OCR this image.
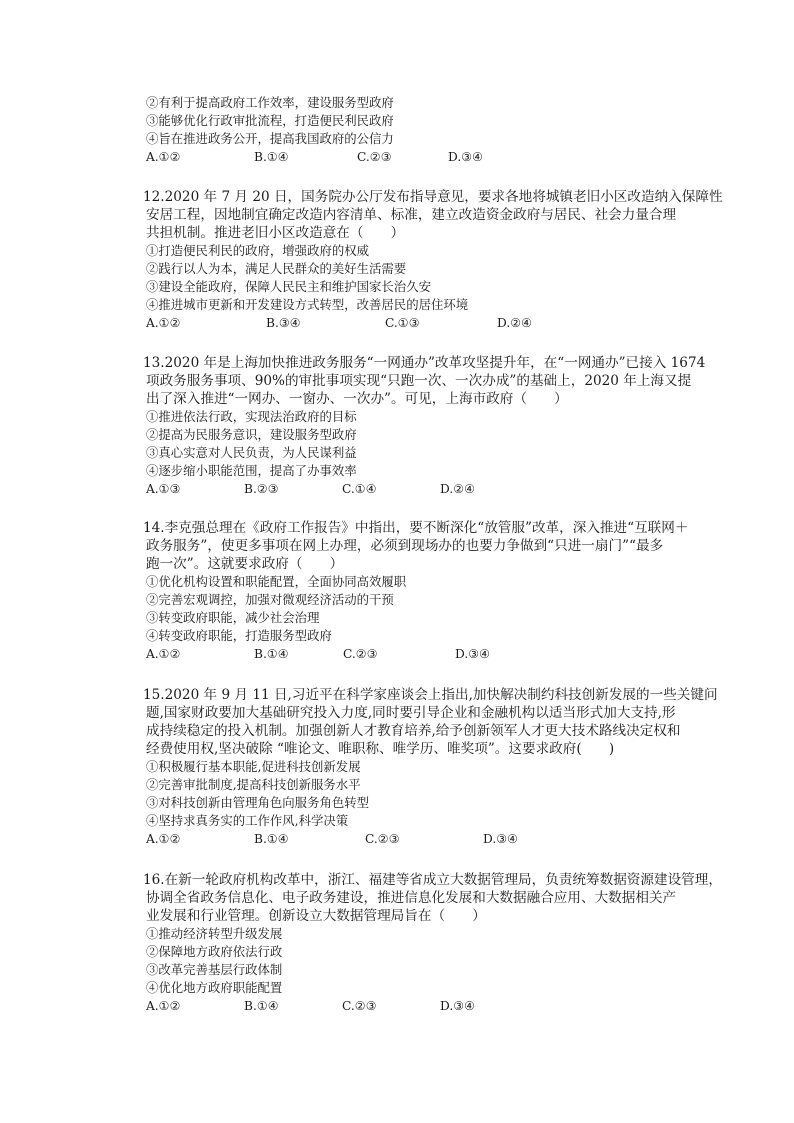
②有利于提高政府工作效率，建设服务型政府
③能够优化行政审批流程，打造便民利民政府
④旨在推进政务公开，提高我国政府的公信力
A.①②	B.①④	C.②③	D.③④
12.2020 年 7 月 20 日，国务院办公厅发布指导意见，要求各地将城镇老旧小区改造纳入保障性
安居工程，因地制宜确定改造内容清单、标准，建立改造资金政府与居民、社会力量合理
共担机制。推进老旧小区改造意在（　　）
①打造便民利民的政府，增强政府的权威
②践行以人为本，满足人民群众的美好生活需要
③建设全能政府，保障人民民主和维护国家长治久安
④推进城市更新和开发建设方式转型，改善居民的居住环境
A.①②	B.③④	C.①③	D.②④
13.2020 年是上海加快推进政务服务“一网通办”改革攻坚提升年，在“一网通办”已接入 1674
项政务服务事项、90%的审批事项实现“只跑一次、一次办成”的基础上，2020 年上海又提
出了深入推进“一网办、一窗办、一次办”。可见，上海市政府（　　）
①推进依法行政，实现法治政府的目标
②提高为民服务意识，建设服务型政府
③真心实意对人民负责，为人民谋利益
④逐步缩小职能范围，提高了办事效率
A.①③	B.②③	C.①④	D.②④
14.李克强总理在《政府工作报告》中指出，要不断深化“放管服”改革，深入推进“互联网＋
政务服务”，使更多事项在网上办理，必须到现场办的也要力争做到“只进一扇门”“最多
跑一次”。这就要求政府（　　）
①优化机构设置和职能配置，全面协同高效履职
②完善宏观调控，加强对微观经济活动的干预
③转变政府职能，减少社会治理
④转变政府职能，打造服务型政府
A.①②	B.①④	C.②③	D.③④
15.2020 年 9 月 11 日,习近平在科学家座谈会上指出,加快解决制约科技创新发展的一些关键问
题,国家财政要加大基础研究投入力度,同时要引导企业和金融机构以适当形式加大支持,形
成持续稳定的投入机制。加强创新人才教育培养,给予创新领军人才更大技术路线决定权和
经费使用权,坚决破除 “唯论文、唯职称、唯学历、唯奖项”。这要求政府(　　)
①积极履行基本职能,促进科技创新发展
②完善审批制度,提高科技创新服务水平
③对科技创新由管理角色向服务角色转型
④坚持求真务实的工作作风,科学决策
A.①②	B.①④	C.②③	D.③④
16.在新一轮政府机构改革中，浙江、福建等省成立大数据管理局，负责统筹数据资源建设管理，
协调全省政务信息化、电子政务建设，推进信息化发展和大数据融合应用、大数据相关产
业发展和行业管理。创新设立大数据管理局旨在（　　）
①推动经济转型升级发展
②保障地方政府依法行政
③改革完善基层行政体制
④优化地方政府职能配置
A.①②	B.①④	C.②③	D.③④
